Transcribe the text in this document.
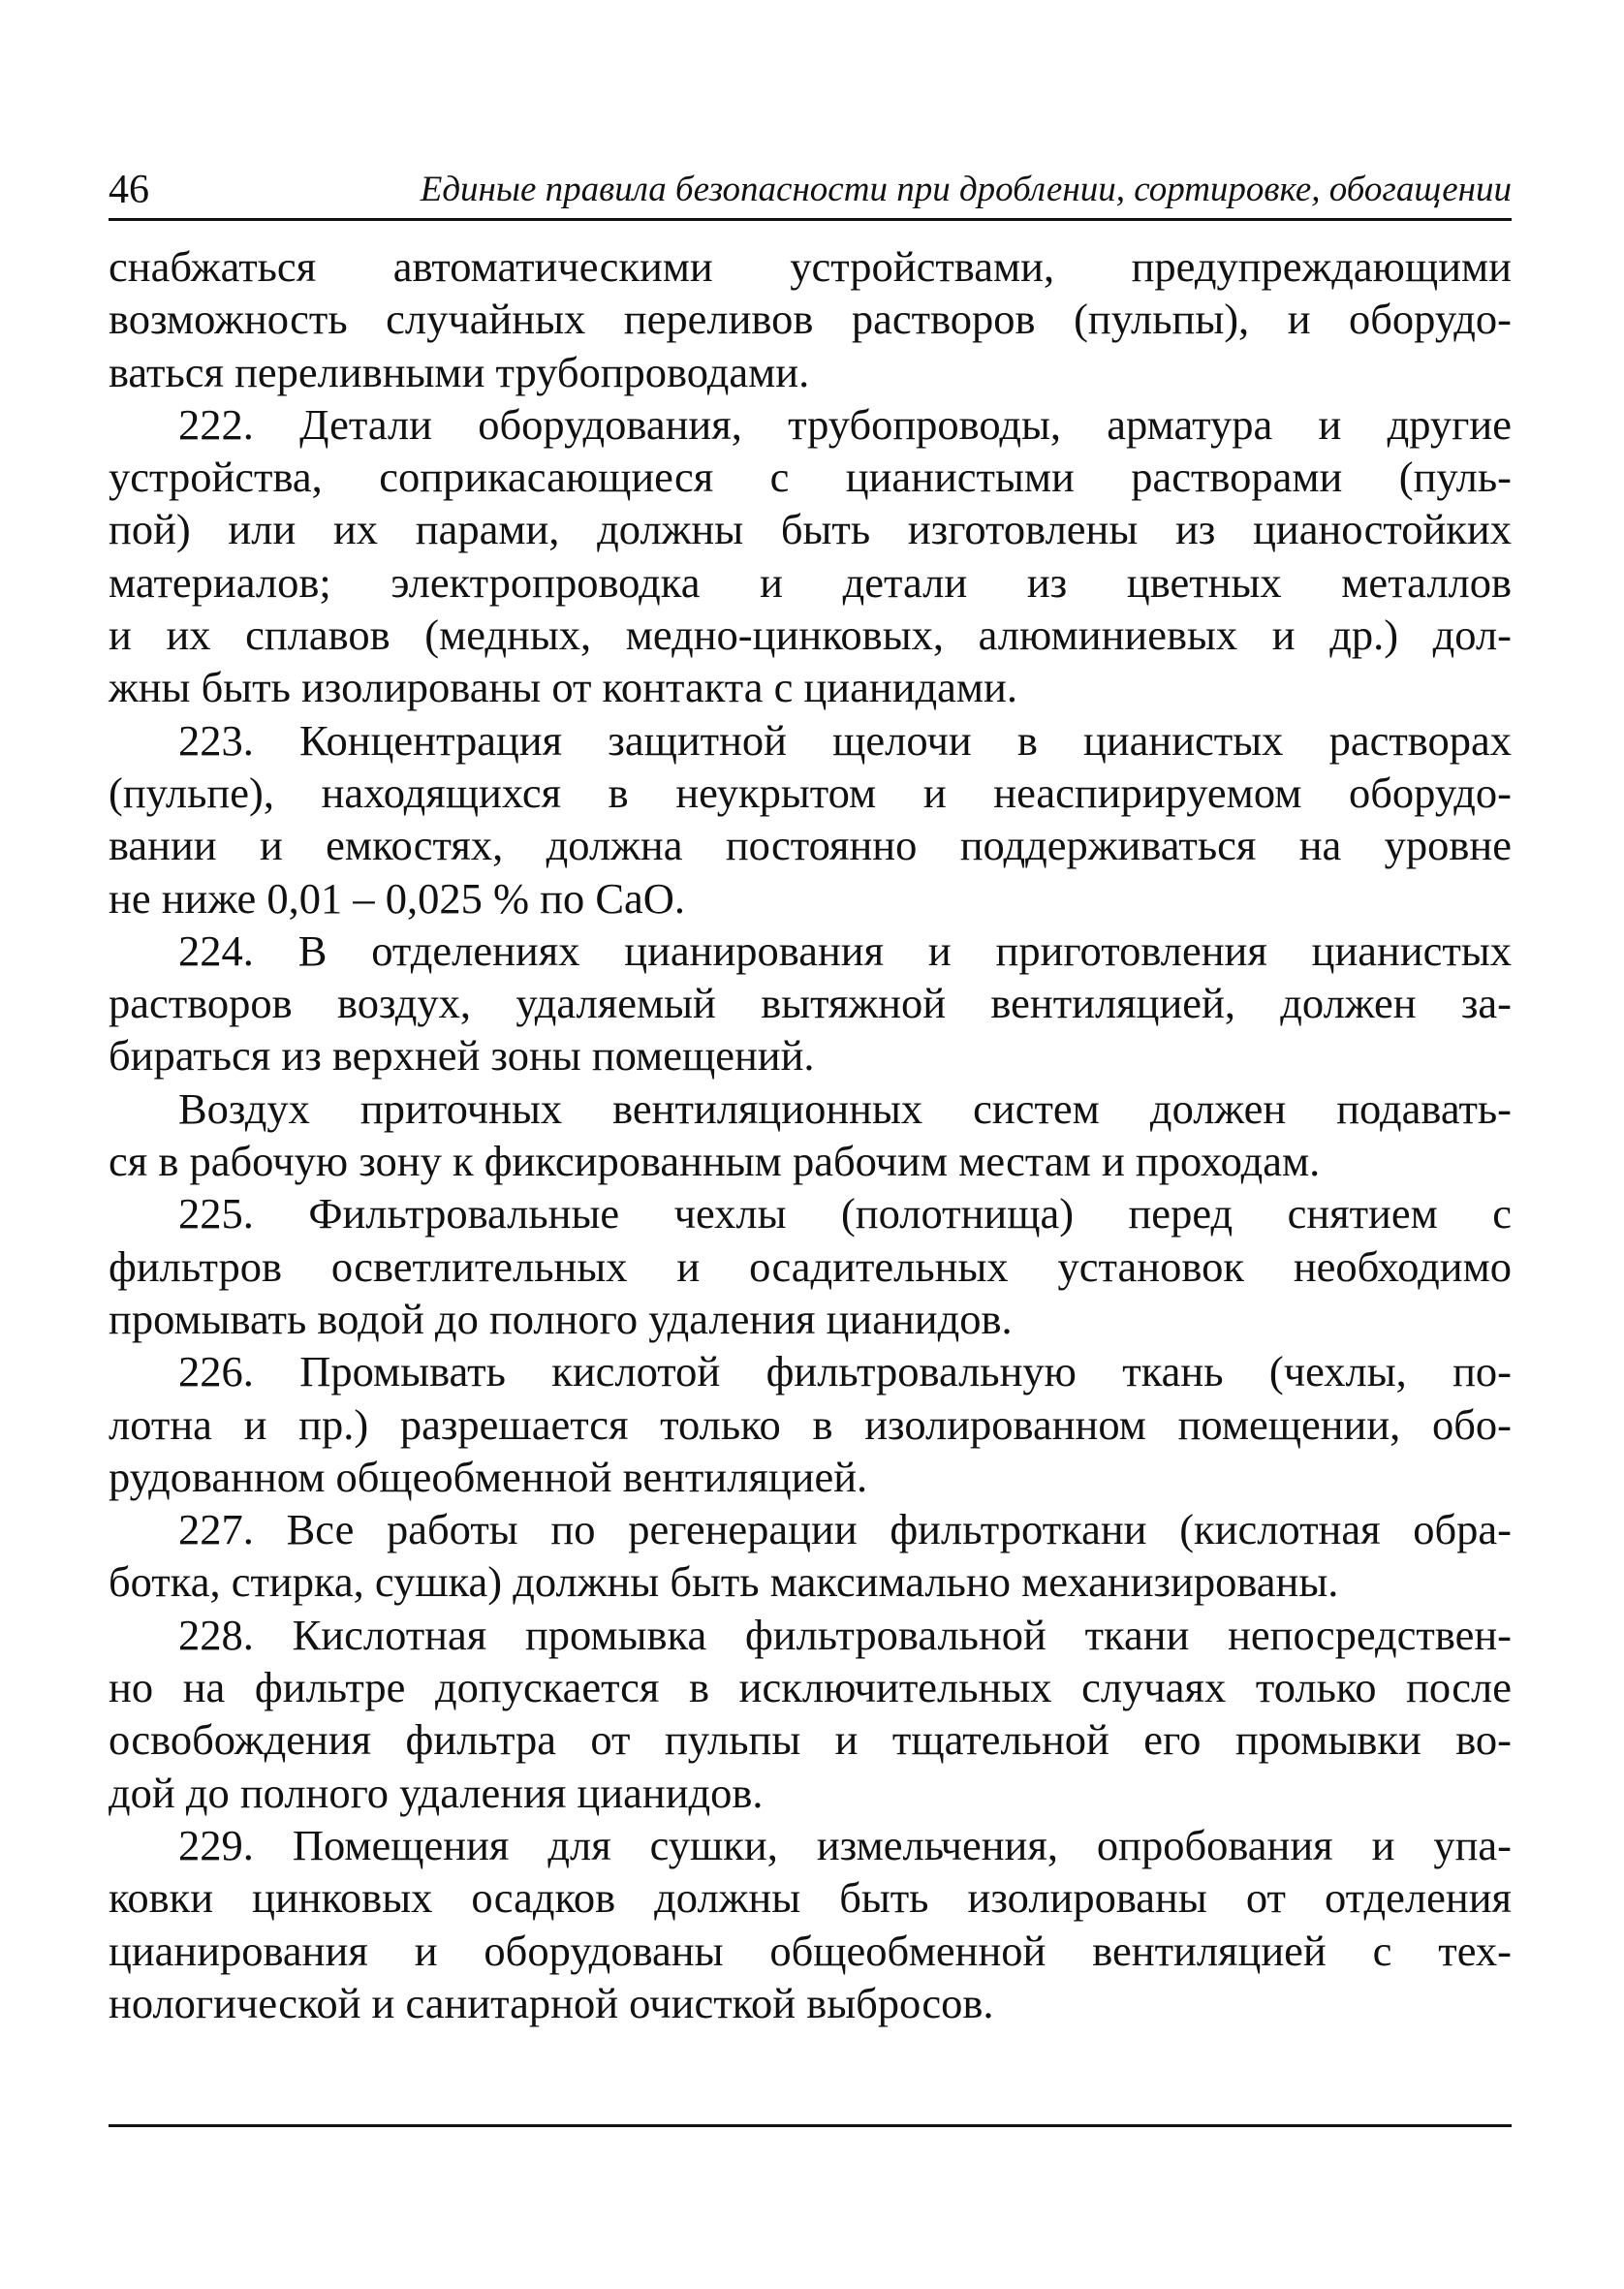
46	Единые правила безопасности при дроблении, сортировке, обогащении
снабжаться автоматическими устройствами, предупреждающими
возможность случайных переливов растворов (пульпы), и оборудо-
ваться переливными трубопроводами.
222. Детали оборудования, трубопроводы, арматура и другие
устройства, соприкасающиеся с цианистыми растворами (пуль-
пой) или их парами, должны быть изготовлены из цианостойких
материалов; электропроводка и детали из цветных металлов
и их сплавов (медных, медно-цинковых, алюминиевых и др.) дол-
жны быть изолированы от контакта с цианидами.
223. Концентрация защитной щелочи в цианистых растворах
(пульпе), находящихся в неукрытом и неаспирируемом оборудо-
вании и емкостях, должна постоянно поддерживаться на уровне
не ниже 0,01 – 0,025 % по CaO.
224. В отделениях цианирования и приготовления цианистых
растворов воздух, удаляемый вытяжной вентиляцией, должен за-
бираться из верхней зоны помещений.
Воздух приточных вентиляционных систем должен подавать-
ся в рабочую зону к фиксированным рабочим местам и проходам.
225. Фильтровальные чехлы (полотнища) перед снятием с
фильтров осветлительных и осадительных установок необходимо
промывать водой до полного удаления цианидов.
226. Промывать кислотой фильтровальную ткань (чехлы, по-
лотна и пр.) разрешается только в изолированном помещении, обо-
рудованном общеобменной вентиляцией.
227. Все работы по регенерации фильтроткани (кислотная обра-
ботка, стирка, сушка) должны быть максимально механизированы.
228. Кислотная промывка фильтровальной ткани непосредствен-
но на фильтре допускается в исключительных случаях только после
освобождения фильтра от пульпы и тщательной его промывки во-
дой до полного удаления цианидов.
229. Помещения для сушки, измельчения, опробования и упа-
ковки цинковых осадков должны быть изолированы от отделения
цианирования и оборудованы общеобменной вентиляцией с тех-
нологической и санитарной очисткой выбросов.
